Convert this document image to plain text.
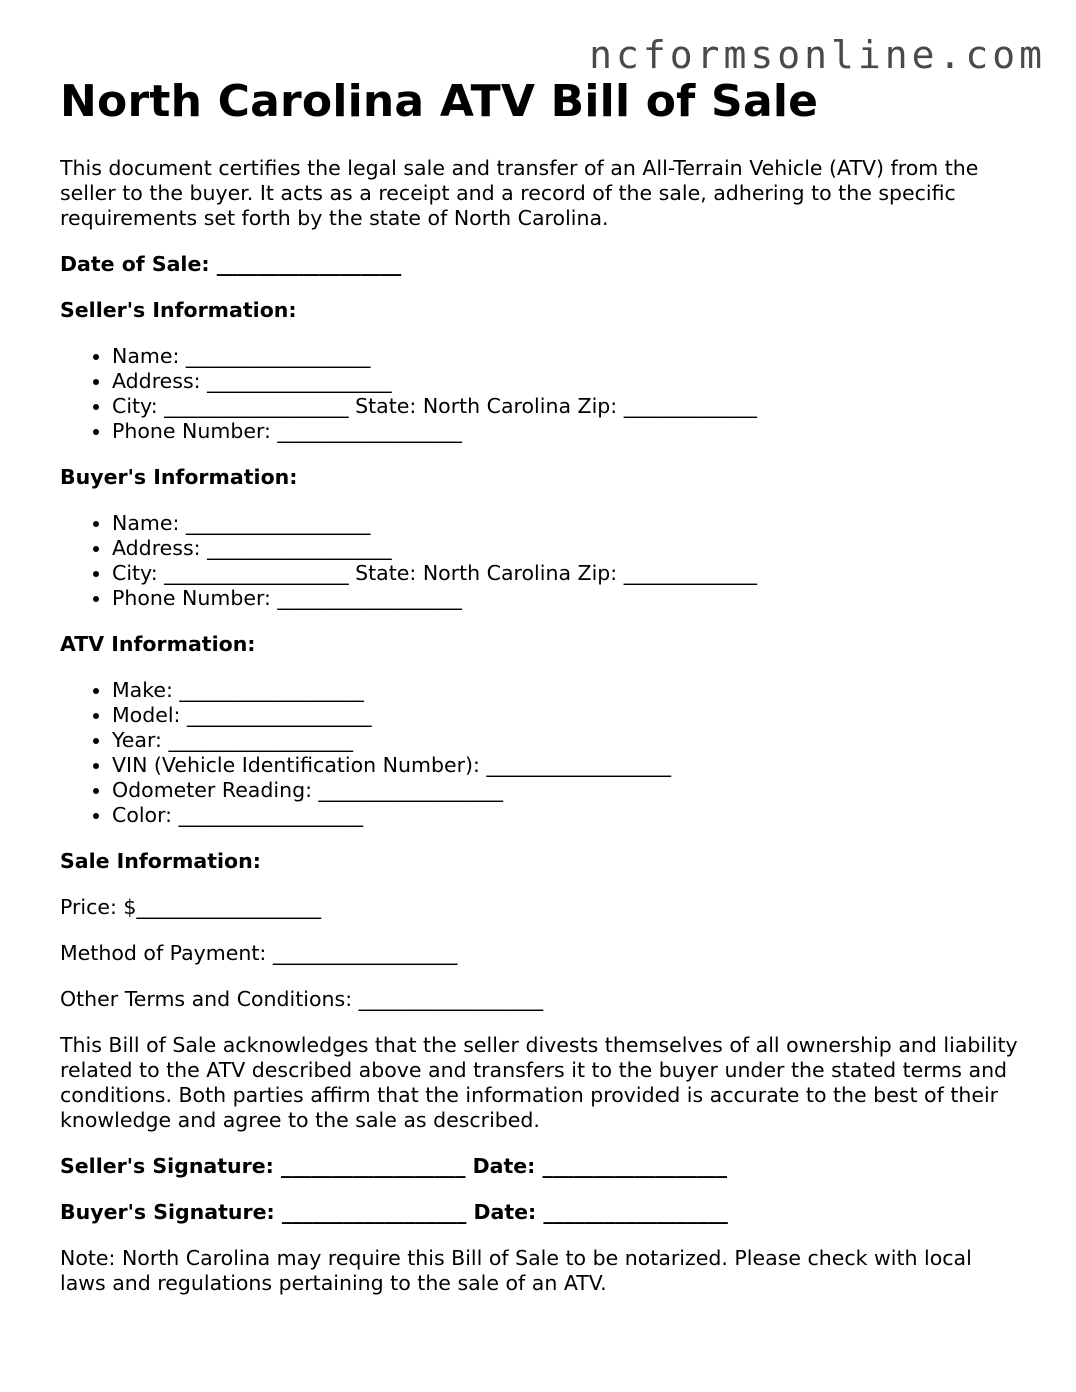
ncformsonline.com
North Carolina ATV Bill of Sale

This document certifies the legal sale and transfer of an All-Terrain Vehicle (ATV) from the seller to the buyer. It acts as a receipt and a record of the sale, adhering to the specific requirements set forth by the state of North Carolina.

Date of Sale: __________________

Seller's Information:

• Name: __________________
• Address: __________________
• City: __________________ State: North Carolina Zip: _____________
• Phone Number: __________________

Buyer's Information:

• Name: __________________
• Address: __________________
• City: __________________ State: North Carolina Zip: _____________
• Phone Number: __________________

ATV Information:

• Make: __________________
• Model: __________________
• Year: __________________
• VIN (Vehicle Identification Number): __________________
• Odometer Reading: __________________
• Color: __________________

Sale Information:

Price: $__________________

Method of Payment: __________________

Other Terms and Conditions: __________________

This Bill of Sale acknowledges that the seller divests themselves of all ownership and liability related to the ATV described above and transfers it to the buyer under the stated terms and conditions. Both parties affirm that the information provided is accurate to the best of their knowledge and agree to the sale as described.

Seller's Signature: __________________ Date: __________________

Buyer's Signature: __________________ Date: __________________

Note: North Carolina may require this Bill of Sale to be notarized. Please check with local laws and regulations pertaining to the sale of an ATV.
